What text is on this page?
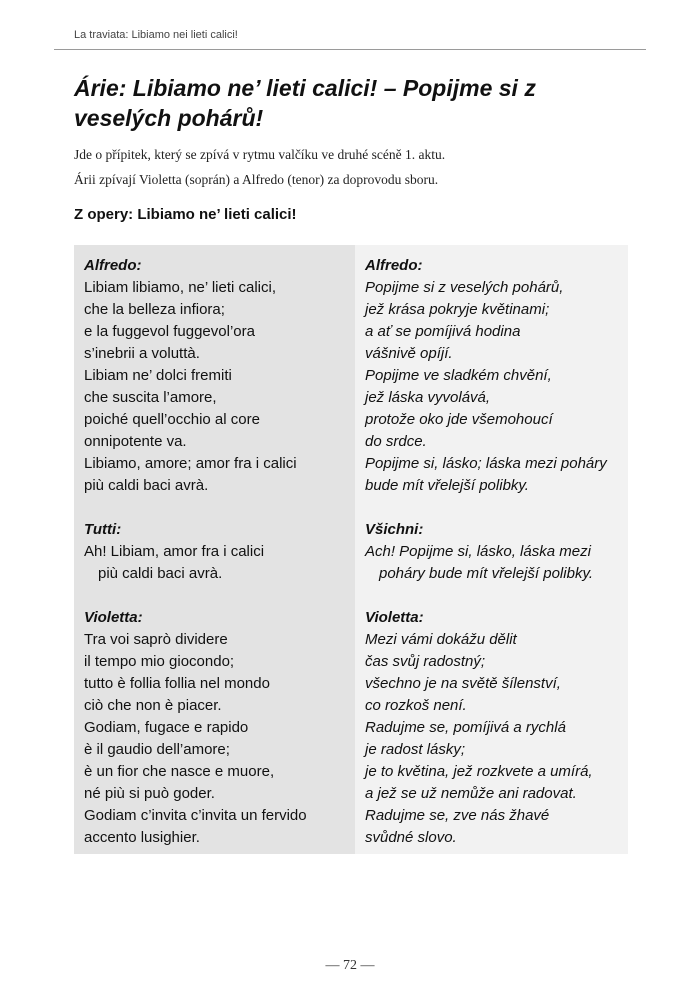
La traviata: Libiamo nei lieti calici!
Árie: Libiamo ne’ lieti calici! – Popijme si z veselých pohárů!

Jde o přípitek, který se zpívá v rytmu valčíku ve druhé scéně 1. aktu.

Árii zpívají Violetta (soprán) a Alfredo (tenor) za doprovodu sboru.

Z opery: Libiamo ne’ lieti calici!
Alfredo:
Libiam libiamo, ne’ lieti calici,
che la belleza infiora;
e la fuggevol fuggevol’ora
s’inebrii a voluttà.
Libiam ne’ dolci fremiti
che suscita l’amore,
poiché quell’occhio al core
onnipotente va.
Libiamo, amore; amor fra i calici
più caldi baci avrà.
Tutti:
Ah! Libiam, amor fra i calici
più caldi baci avrà.
Violetta:
Tra voi saprò dividere
il tempo mio giocondo;
tutto è follia follia nel mondo
ciò che non è piacer.
Godiam, fugace e rapido
è il gaudio dell’amore;
è un fior che nasce e muore,
né più si può goder.
Godiam c’invita c’invita un fervido
accento lusighier.
Alfredo:
Popijme si z veselých pohárů,
jež krása pokryje květinami;
a ať se pomíjivá hodina
vášnivě opíjí.
Popijme ve sladkém chvění,
jež láska vyvolává,
protože oko jde všemohoucí
do srdce.
Popijme si, lásko; láska mezi poháry
bude mít vřelejší polibky.
Všichni:
Ach! Popijme si, lásko, láska mezi
poháry bude mít vřelejší polibky.
Violetta:
Mezi vámi dokážu dělit
čas svůj radostný;
všechno je na světě šílenství,
co rozkoš není.
Radujme se, pomíjivá a rychlá
je radost lásky;
je to květina, jež rozkvete a umírá,
a jež se už nemůže ani radovat.
Radujme se, zve nás žhavé
svůdné slovo.
— 72 —
